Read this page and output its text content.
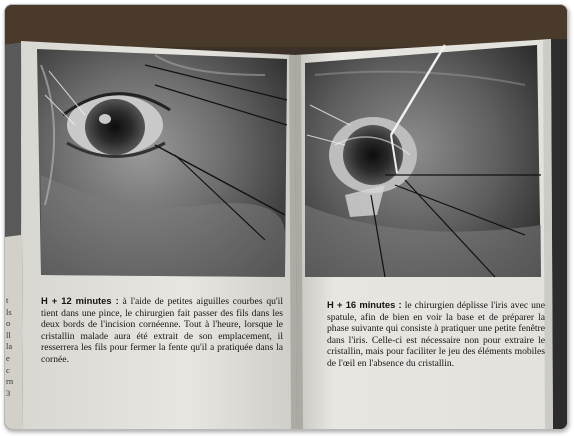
t
ls
o
ll
la
e
c
rn
3
H + 12 minutes : à l'aide de petites aiguilles courbes qu'il tient dans une pince, le chirurgien fait passer des fils dans les deux bords de l'incision cornéenne. Tout à l'heure, lorsque le cristallin malade aura été extrait de son emplacement, il resserrera les fils pour fermer la fente qu'il a pratiquée dans la cornée.
H + 16 minutes : le chirurgien déplisse l'iris avec une spatule, afin de bien en voir la base et de préparer la phase suivante qui consiste à pratiquer une petite fenêtre dans l'iris. Celle-ci est nécessaire non pour extraire le cristallin, mais pour faciliter le jeu des éléments mobiles de l'œil en l'absence du cristallin.
